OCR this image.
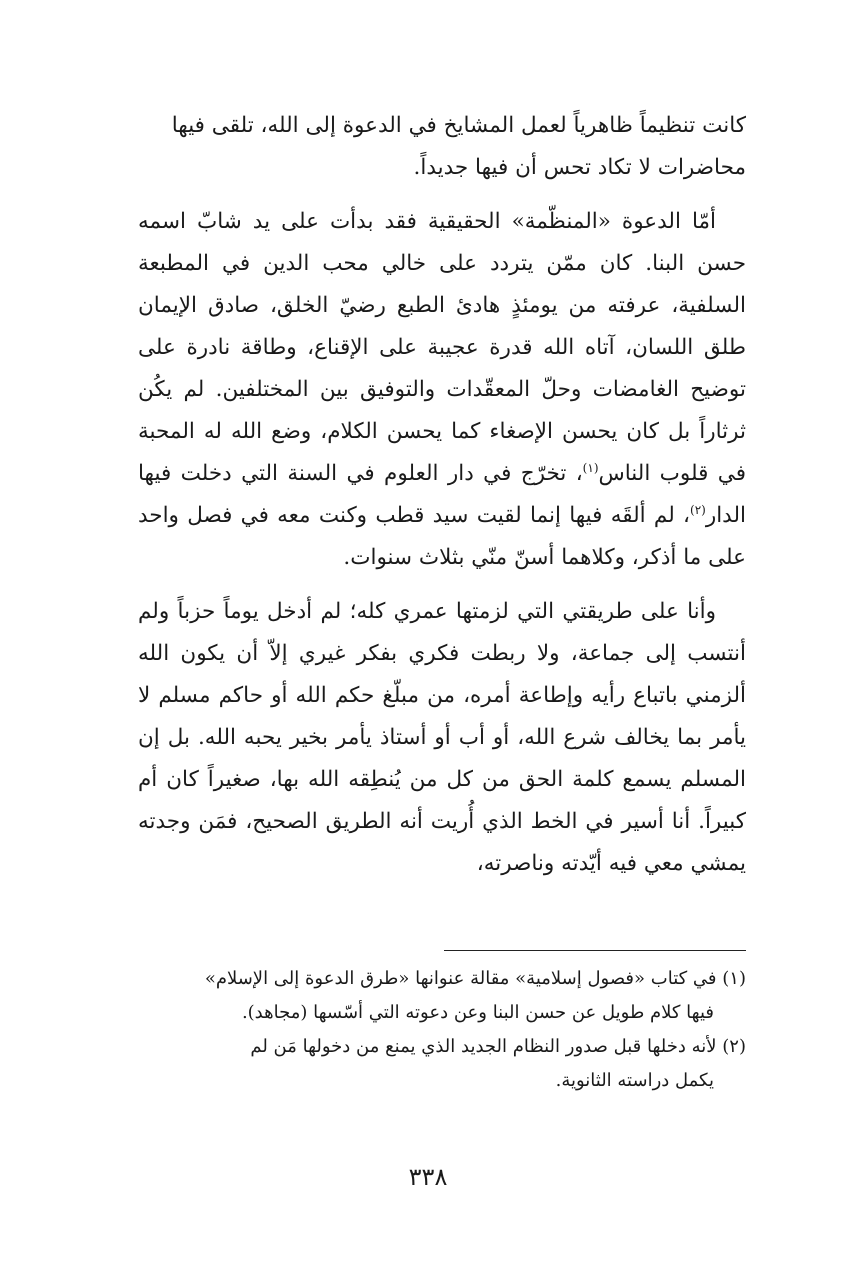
كانت تنظيماً ظاهرياً لعمل المشايخ في الدعوة إلى الله، تلقى فيها
محاضرات لا تكاد تحس أن فيها جديداً.

أمّا الدعوة «المنظّمة» الحقيقية فقد بدأت على يد شابّ اسمه حسن البنا. كان ممّن يتردد على خالي محب الدين في المطبعة السلفية، عرفته من يومئذٍ هادئ الطبع رضيّ الخلق، صادق الإيمان طلق اللسان، آتاه الله قدرة عجيبة على الإقناع، وطاقة نادرة على توضيح الغامضات وحلّ المعقّدات والتوفيق بين المختلفين. لم يكُن ثرثاراً بل كان يحسن الإصغاء كما يحسن الكلام، وضع الله له المحبة في قلوب الناس$^{(١)}$، تخرّج في دار العلوم في السنة التي دخلت فيها الدار$^{(٢)}$، لم ألقَه فيها إنما لقيت سيد قطب وكنت معه في فصل واحد على ما أذكر، وكلاهما أسنّ منّي بثلاث سنوات.

وأنا على طريقتي التي لزمتها عمري كله؛ لم أدخل يوماً حزباً ولم أنتسب إلى جماعة، ولا ربطت فكري بفكر غيري إلاّ أن يكون الله ألزمني باتباع رأيه وإطاعة أمره، من مبلّغ حكم الله أو حاكم مسلم لا يأمر بما يخالف شرع الله، أو أب أو أستاذ يأمر بخير يحبه الله. بل إن المسلم يسمع كلمة الحق من كل من يُنطِقه الله بها، صغيراً كان أم كبيراً. أنا أسير في الخط الذي أُريت أنه الطريق الصحيح، فمَن وجدته يمشي معي فيه أيّدته وناصرته،

(١) في كتاب «فصول إسلامية» مقالة عنوانها «طرق الدعوة إلى الإسلام»

فيها كلام طويل عن حسن البنا وعن دعوته التي أسّسها (مجاهد).

(٢) لأنه دخلها قبل صدور النظام الجديد الذي يمنع من دخولها مَن لم

يكمل دراسته الثانوية.

٣٣٨
